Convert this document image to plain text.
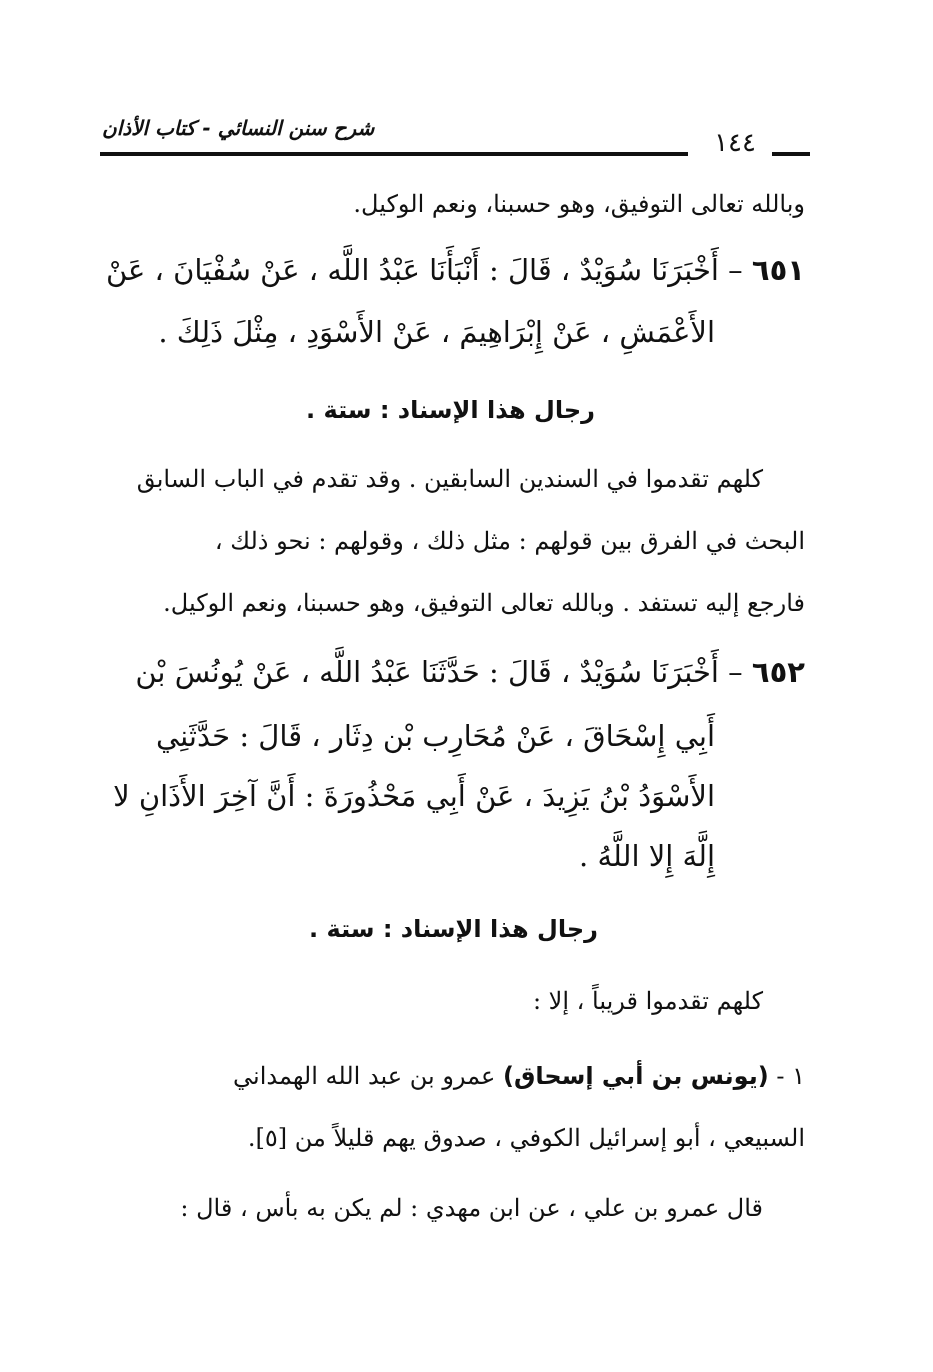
شرح سنن النسائي - كتاب الأذان	١٤٤
وبالله تعالى التوفيق، وهو حسبنا، ونعم الوكيل.
٦٥١ – أَخْبَرَنَا سُوَيْدٌ ، قَالَ : أَنْبَأَنَا عَبْدُ اللَّه ، عَنْ سُفْيَانَ ، عَنْ
الأَعْمَشِ ، عَنْ إِبْرَاهِيمَ ، عَنْ الأَسْوَدِ ، مِثْلَ ذَلِكَ .
رجال هذا الإسناد : ستة .
كلهم تقدموا في السندين السابقين . وقد تقدم في الباب السابق
البحث في الفرق بين قولهم : مثل ذلك ، وقولهم : نحو ذلك ،
فارجع إليه تستفد . وبالله تعالى التوفيق، وهو حسبنا، ونعم الوكيل.
٦٥٢ – أَخْبَرَنَا سُوَيْدٌ ، قَالَ : حَدَّثَنَا عَبْدُ اللَّه ، عَنْ يُونُسَ بْن
أَبِي إِسْحَاقَ ، عَنْ مُحَارِب بْن دِثَار ، قَالَ : حَدَّثَنِي
الأَسْوَدُ بْنُ يَزِيدَ ، عَنْ أَبِي مَحْذُورَةَ : أَنَّ آخِرَ الأَذَانِ لا
إِلَّهَ إِلا اللَّهُ .
رجال هذا الإسناد : ستة .
كلهم تقدموا قريباً ، إلا :
١ - (يونس بن أبي إسحاق) عمرو بن عبد الله الهمداني
السبيعي ، أبو إسرائيل الكوفي ، صدوق يهم قليلاً من [٥].
قال عمرو بن علي ، عن ابن مهدي : لم يكن به بأس ، قال :
